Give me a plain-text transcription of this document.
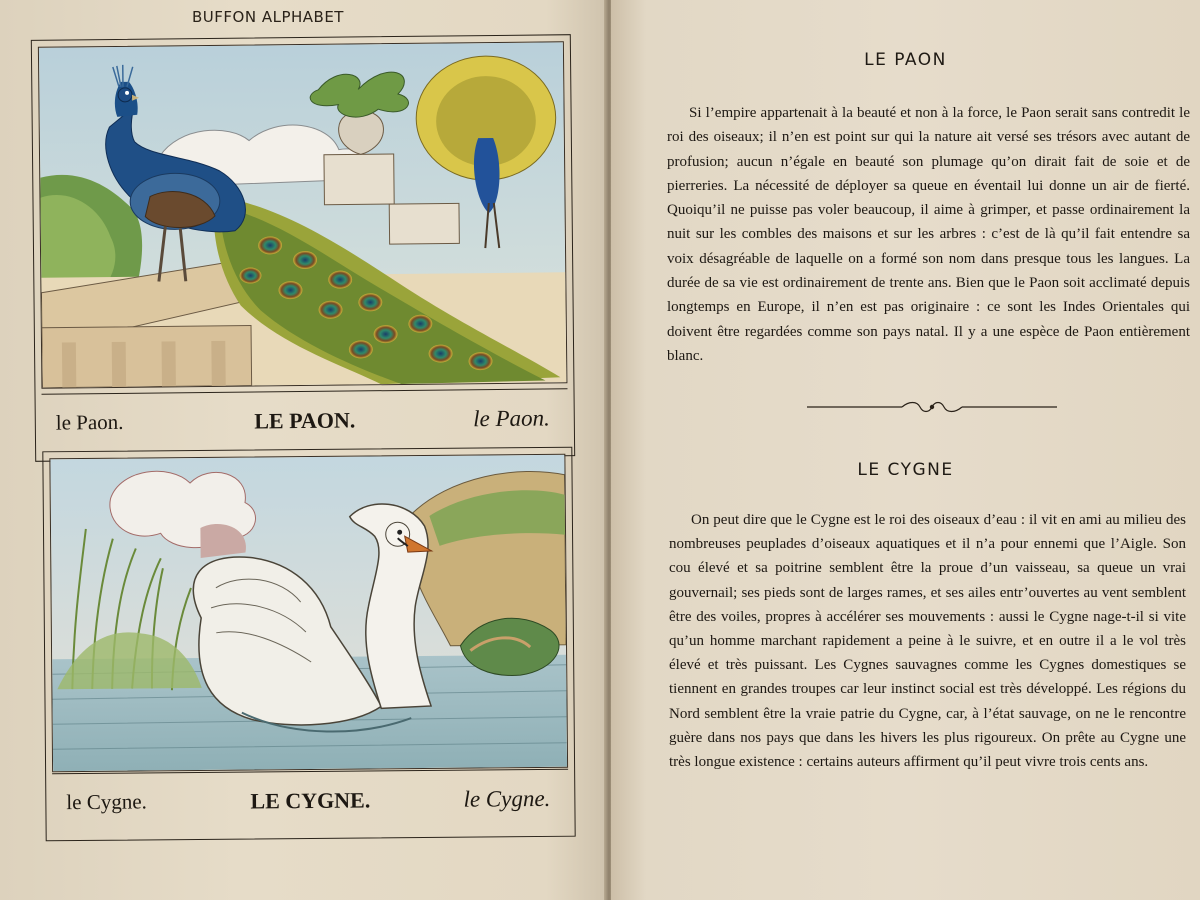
BUFFON ALPHABET
le Paon.	LE PAON.	le Paon.
le Cygne.	LE CYGNE.	le Cygne.
LE PAON

Si l’empire appartenait à la beauté et non à la force, le Paon serait sans contredit le roi des oiseaux; il n’en est point sur qui la nature ait versé ses trésors avec autant de profusion; aucun n’égale en beauté son plumage qu’on dirait fait de soie et de pierreries. La nécessité de déployer sa queue en éventail lui donne un air de fierté. Quoiqu’il ne puisse pas voler beaucoup, il aime à grimper, et passe ordinairement la nuit sur les combles des maisons et sur les arbres : c’est de là qu’il fait entendre sa voix désagréable de laquelle on a formé son nom dans presque tous les langues. La durée de sa vie est ordinairement de trente ans. Bien que le Paon soit acclimaté depuis longtemps en Europe, il n’en est pas originaire : ce sont les Indes Orientales qui doivent être regardées comme son pays natal. Il y a une espèce de Paon entièrement blanc.

LE CYGNE

On peut dire que le Cygne est le roi des oiseaux d’eau : il vit en ami au milieu des nombreuses peuplades d’oiseaux aquatiques et il n’a pour ennemi que l’Aigle. Son cou élevé et sa poitrine semblent être la proue d’un vaisseau, sa queue un vrai gouvernail; ses pieds sont de larges rames, et ses ailes entr’ouvertes au vent semblent être des voiles, propres à accélérer ses mouvements : aussi le Cygne nage-t-il si vite qu’un homme marchant rapidement a peine à le suivre, et en outre il a le vol très élevé et très puissant. Les Cygnes sauvagnes comme les Cygnes domestiques se tiennent en grandes troupes car leur instinct social est très développé. Les régions du Nord semblent être la vraie patrie du Cygne, car, à l’état sauvage, on ne le rencontre guère dans nos pays que dans les hivers les plus rigoureux. On prête au Cygne une très longue existence : certains auteurs affirment qu’il peut vivre trois cents ans.
